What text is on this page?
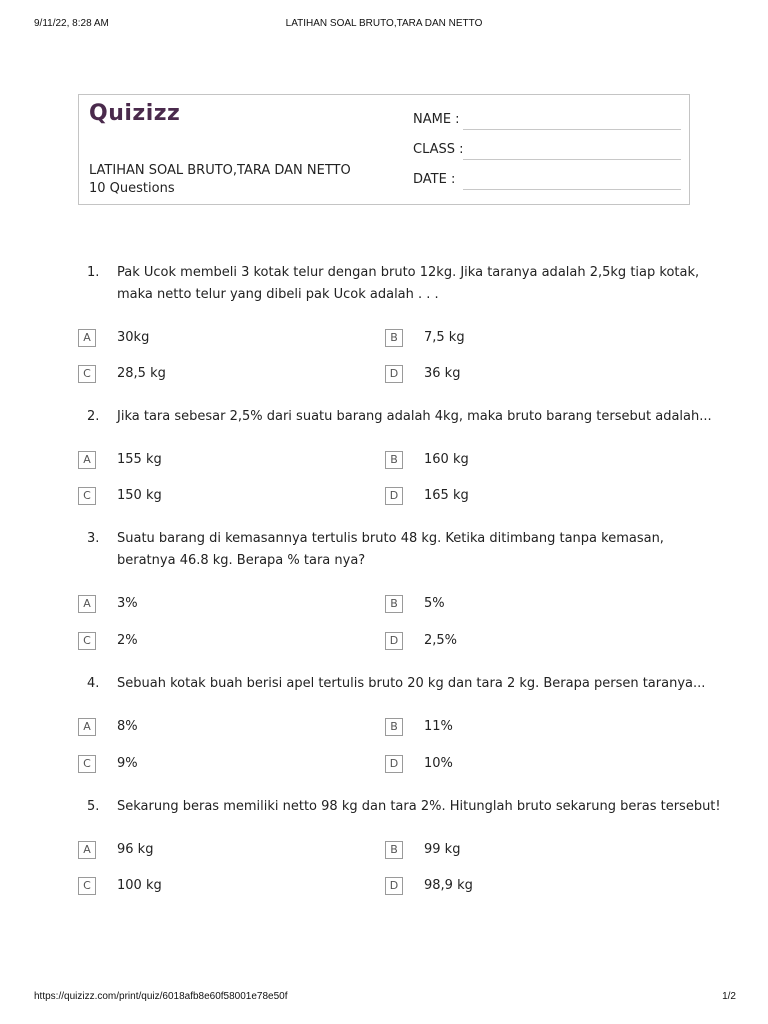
9/11/22, 8:28 AM	LATIHAN SOAL BRUTO,TARA DAN NETTO
Quizizz
LATIHAN SOAL BRUTO,TARA DAN NETTO
10 Questions
NAME :
CLASS :
DATE :
1. Pak Ucok membeli 3 kotak telur dengan bruto 12kg. Jika taranya adalah 2,5kg tiap kotak,
maka netto telur yang dibeli pak Ucok adalah . . .
A	30kg	B	7,5 kg
C	28,5 kg	D	36 kg
2. Jika tara sebesar 2,5% dari suatu barang adalah 4kg, maka bruto barang tersebut adalah...
A	155 kg	B	160 kg
C	150 kg	D	165 kg
3. Suatu barang di kemasannya tertulis bruto 48 kg. Ketika ditimbang tanpa kemasan,
beratnya 46.8 kg. Berapa % tara nya?
A	3%	B	5%
C	2%	D	2,5%
4. Sebuah kotak buah berisi apel tertulis bruto 20 kg dan tara 2 kg. Berapa persen taranya...
A	8%	B	11%
C	9%	D	10%
5. Sekarung beras memiliki netto 98 kg dan tara 2%. Hitunglah bruto sekarung beras tersebut!
A	96 kg	B	99 kg
C	100 kg	D	98,9 kg
https://quizizz.com/print/quiz/6018afb8e60f58001e78e50f	1/2
